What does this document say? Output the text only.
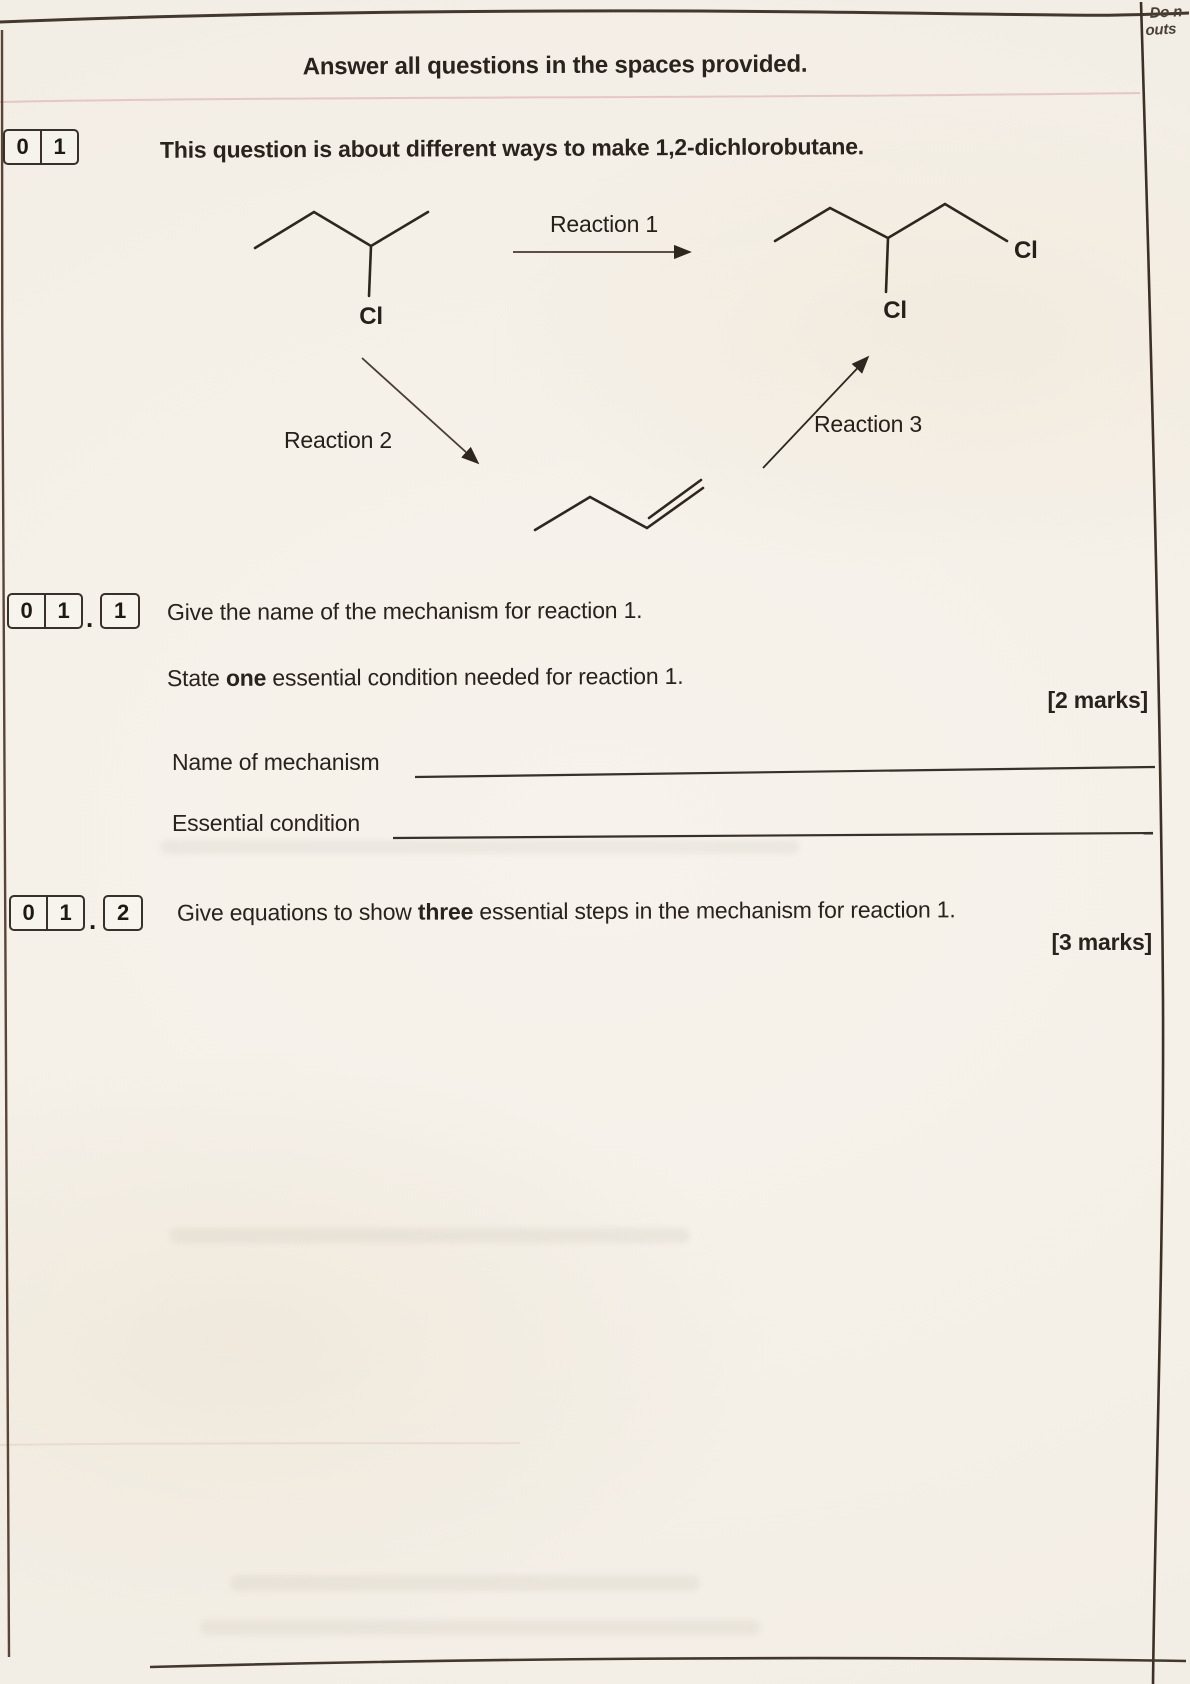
Cl
Reaction 1
Cl
Cl
Reaction 2
Reaction 3
Do n
outs
Answer all questions in the spaces provided.
0	1	This question is about different ways to make 1,2-dichlorobutane.
0	1 . 1	Give the name of the mechanism for reaction 1.
State one essential condition needed for reaction 1.
[2 marks]
Name of mechanism
Essential condition
0	1 . 2	Give equations to show three essential steps in the mechanism for reaction 1.
[3 marks]
